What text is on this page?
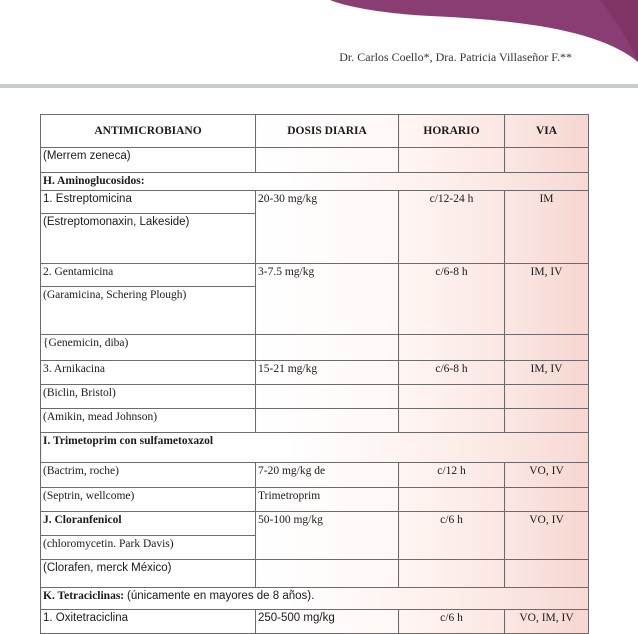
Dr. Carlos Coello*, Dra. Patricia Villaseñor F.**
ANTIMICROBIANO	DOSIS DIARIA	HORARIO	VIA
(Merrem zeneca)			
H. Aminoglucosidos:			
1. Estreptomicina	20-30 mg/kg	c/12-24 h	IM
(Estreptomonaxin, Lakeside)			
2. Gentamicina	3-7.5 mg/kg	c/6-8 h	IM, IV
(Garamicina, Schering Plough)			
{Genemicin, diba)			
3. Arnikacina	15-21 mg/kg	c/6-8 h	IM, IV
(Biclin, Bristol)			
(Amikin, mead Johnson)			
I. Trimetoprim con sulfametoxazol			
(Bactrim, roche)	7-20 mg/kg de	c/12 h	VO, IV
(Septrin, wellcome)	Trimetroprim		
J. Cloranfenicol	50-100 mg/kg	c/6 h	VO, IV
(chloromycetin. Park Davis)			
(Clorafen, merck México)			
K. Tetraciclinas: (únicamente en mayores de 8 años).			
1. Oxitetraciclina	250-500 mg/kg	c/6 h	VO, IM, IV
